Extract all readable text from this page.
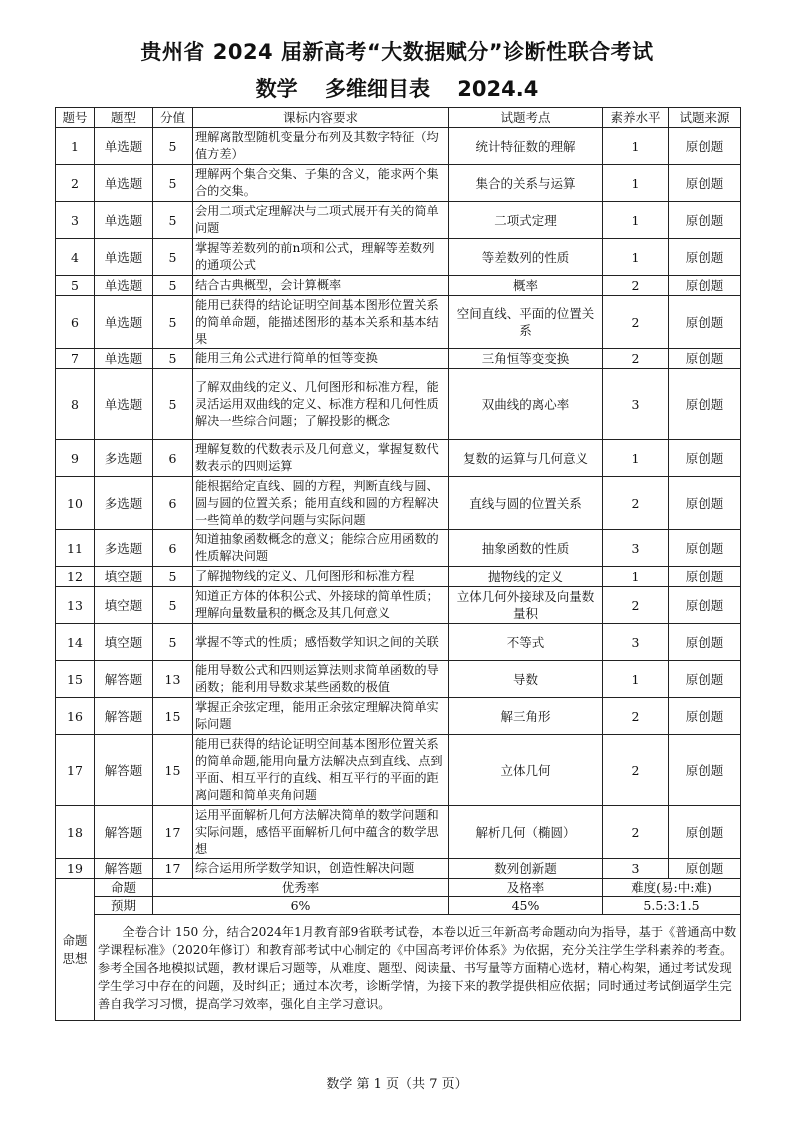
贵州省 2024 届新高考“大数据赋分”诊断性联合考试
数学 多维细目表 2024.4
题号	题型	分值	课标内容要求	试题考点	素养水平	试题来源
1	单选题	5	理解离散型随机变量分布列及其数字特征（均值方差）	统计特征数的理解	1	原创题
2	单选题	5	理解两个集合交集、子集的含义，能求两个集合的交集。	集合的关系与运算	1	原创题
3	单选题	5	会用二项式定理解决与二项式展开有关的简单问题	二项式定理	1	原创题
4	单选题	5	掌握等差数列的前n项和公式，理解等差数列的通项公式	等差数列的性质	1	原创题
5	单选题	5	结合古典概型，会计算概率	概率	2	原创题
6	单选题	5	能用已获得的结论证明空间基本图形位置关系的简单命题，能描述图形的基本关系和基本结果	空间直线、平面的位置关系	2	原创题
7	单选题	5	能用三角公式进行简单的恒等变换	三角恒等变变换	2	原创题
8	单选题	5	了解双曲线的定义、几何图形和标准方程，能灵活运用双曲线的定义、标准方程和几何性质解决一些综合问题；了解投影的概念	双曲线的离心率	3	原创题
9	多选题	6	理解复数的代数表示及几何意义，掌握复数代数表示的四则运算	复数的运算与几何意义	1	原创题
10	多选题	6	能根据给定直线、圆的方程，判断直线与圆、圆与圆的位置关系；能用直线和圆的方程解决一些简单的数学问题与实际问题	直线与圆的位置关系	2	原创题
11	多选题	6	知道抽象函数概念的意义；能综合应用函数的性质解决问题	抽象函数的性质	3	原创题
12	填空题	5	了解抛物线的定义、几何图形和标准方程	抛物线的定义	1	原创题
13	填空题	5	知道正方体的体积公式、外接球的简单性质；理解向量数量积的概念及其几何意义	立体几何外接球及向量数量积	2	原创题
14	填空题	5	掌握不等式的性质；感悟数学知识之间的关联	不等式	3	原创题
15	解答题	13	能用导数公式和四则运算法则求简单函数的导函数；能利用导数求某些函数的极值	导数	1	原创题
16	解答题	15	掌握正余弦定理，能用正余弦定理解决简单实际问题	解三角形	2	原创题
17	解答题	15	能用已获得的结论证明空间基本图形位置关系的简单命题,能用向量方法解决点到直线、点到平面、相互平行的直线、相互平行的平面的距离问题和简单夹角问题	立体几何	2	原创题
18	解答题	17	运用平面解析几何方法解决简单的数学问题和实际问题，感悟平面解析几何中蕴含的数学思想	解析几何（椭圆）	2	原创题
19	解答题	17	综合运用所学数学知识，创造性解决问题	数列创新题	3	原创题
命题思想	命题	优秀率		及格率	难度(易:中:难)	
	预期	6%		45%	5.5:3:1.5	
	全卷合计 150 分，结合2024年1月教育部9省联考试卷，本卷以近三年新高考命题动向为指导，基于《普通高中数学课程标准》（2020年修订）和教育部考试中心制定的《中国高考评价体系》为依据，充分关注学生学科素养的考查。参考全国各地模拟试题，教材课后习题等，从难度、题型、阅读量、书写量等方面精心选材，精心构架，通过考试发现学生学习中存在的问题，及时纠正；通过本次考，诊断学情，为接下来的教学提供相应依据；同时通过考试倒逼学生完善自我学习习惯，提高学习效率，强化自主学习意识。					
数学 第 1 页（共 7 页）
